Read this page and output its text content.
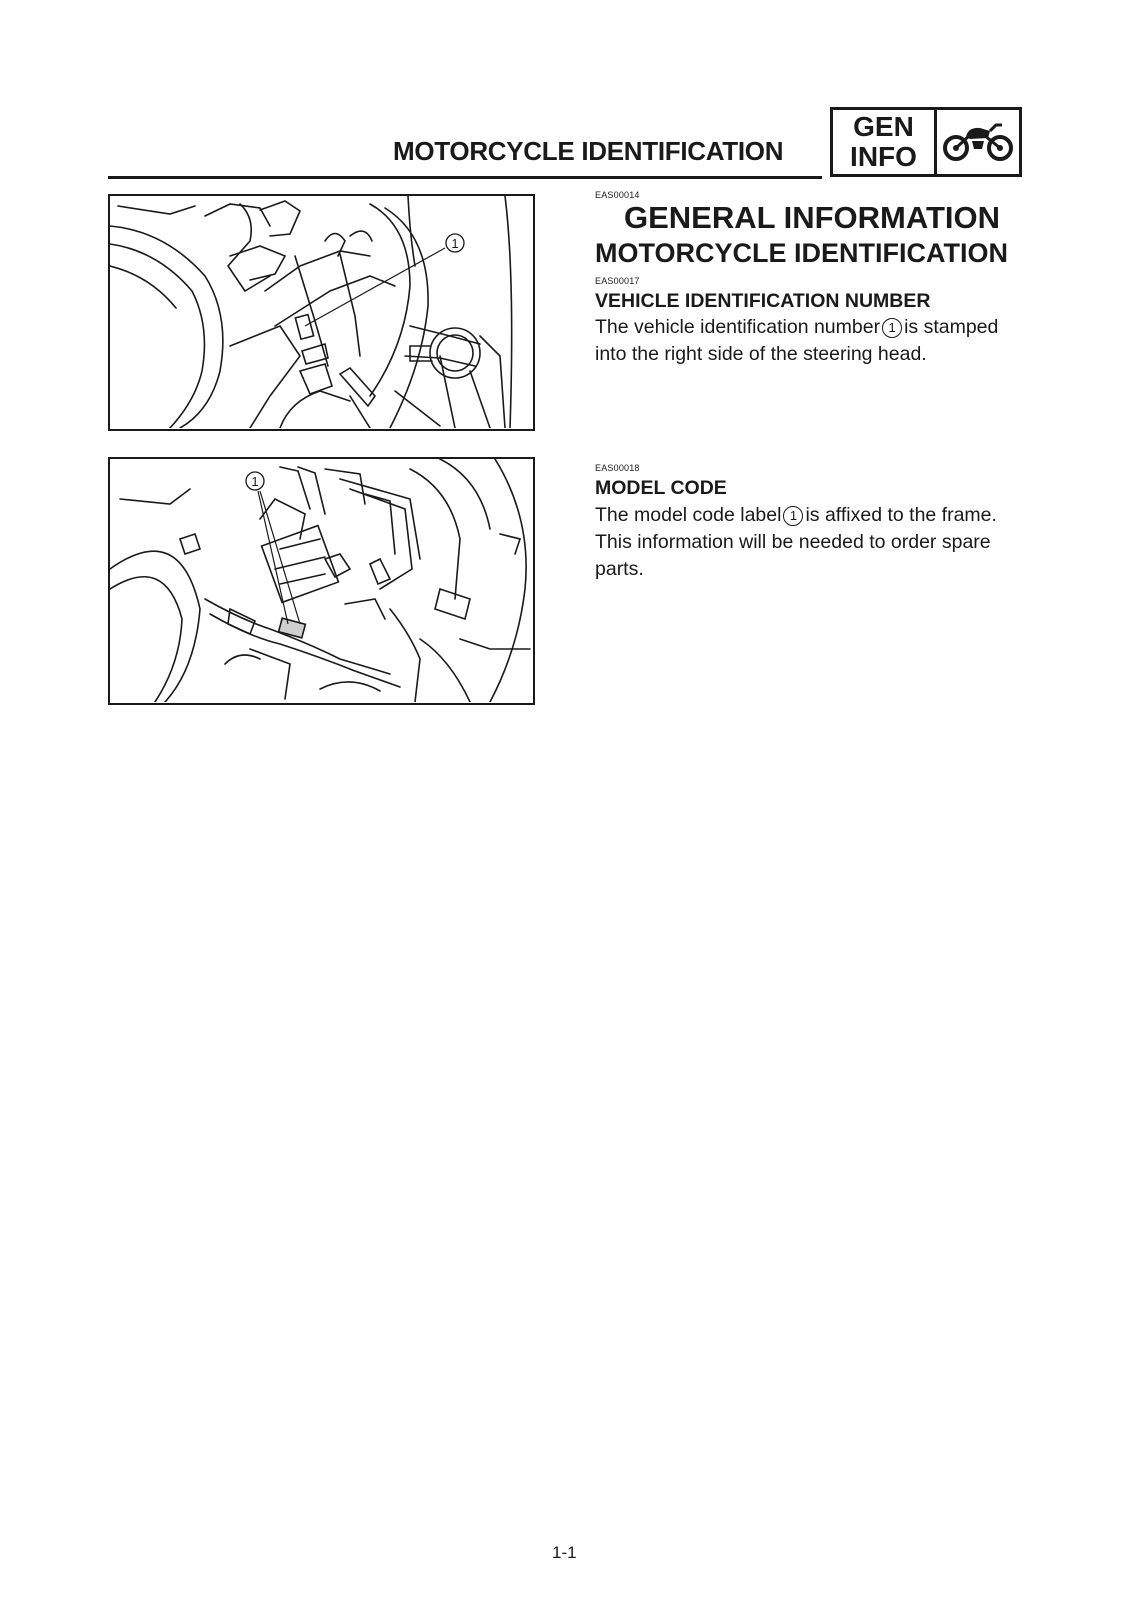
MOTORCYCLE IDENTIFICATION
GEN
INFO
1
1
EAS00014
GENERAL INFORMATION
MOTORCYCLE IDENTIFICATION
EAS00017
VEHICLE IDENTIFICATION NUMBER
The vehicle identification number 1 is stamped
into the right side of the steering head.
EAS00018
MODEL CODE
The model code label 1 is affixed to the frame.
This information will be needed to order spare
parts.
1-1
